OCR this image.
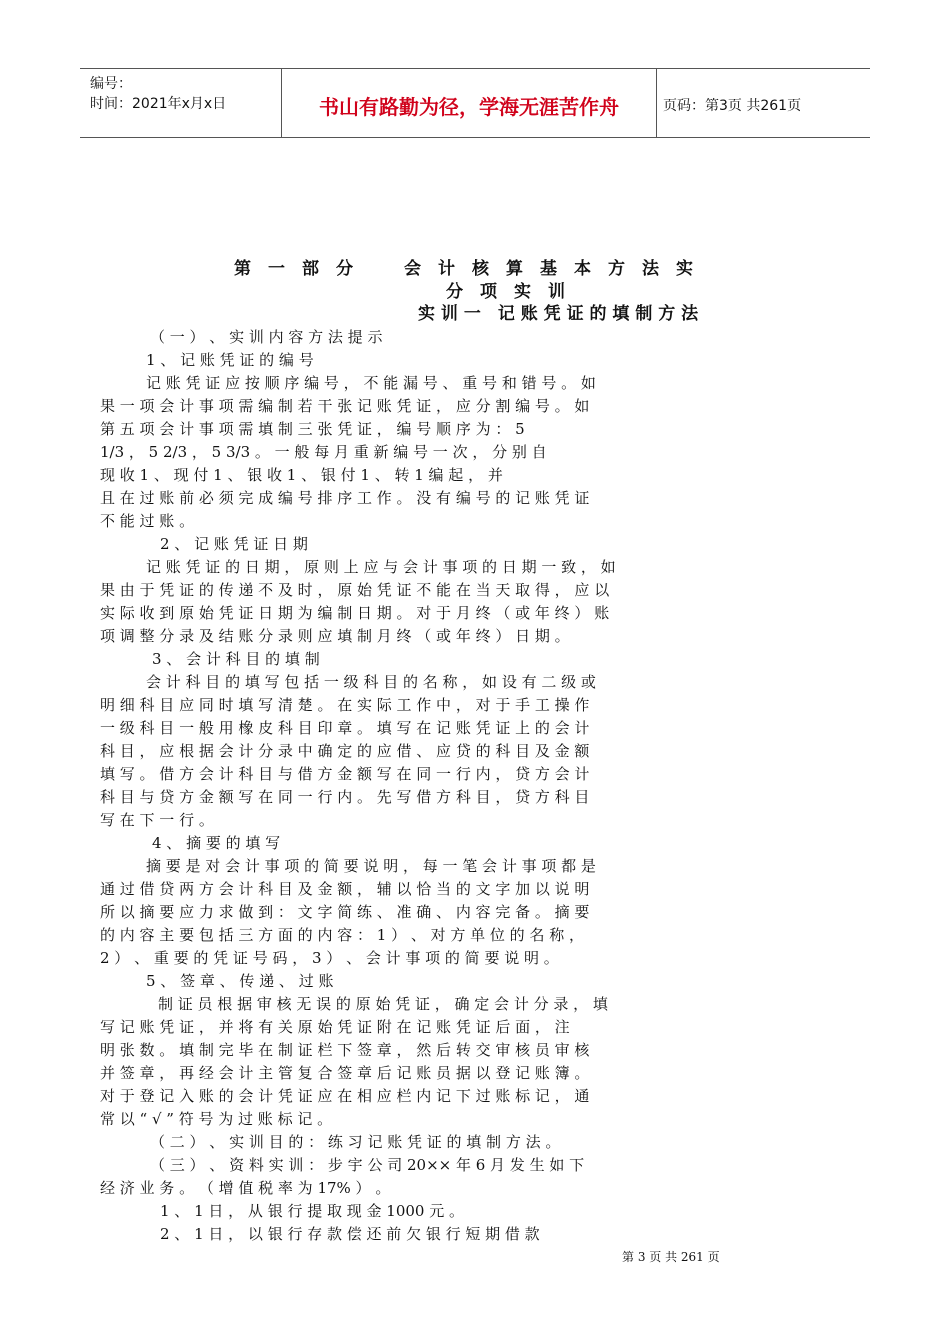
编号：
时间：2021年x月x日	书山有路勤为径，学海无涯苦作舟	页码：第3页 共261页
第　一　部　分　　　会　计　核　算　基　本　方　法　实
分　项　实　训
实 训 一　记 账 凭 证 的 填 制 方 法
（ 一 ） 、 实 训 内 容 方 法 提 示
1 、 记 账 凭 证 的 编 号
记 账 凭 证 应 按 顺 序 编 号 ， 不 能 漏 号 、 重 号 和 错 号 。 如
果 一 项 会 计 事 项 需 编 制 若 干 张 记 账 凭 证 ， 应 分 割 编 号 。 如
第 五 项 会 计 事 项 需 填 制 三 张 凭 证 ， 编 号 顺 序 为 ： 5
1/3 ， 5 2/3 ， 5 3/3 。 一 般 每 月 重 新 编 号 一 次 ， 分 别 自
现 收 1 、 现 付 1 、 银 收 1 、 银 付 1 、 转 1 编 起 ， 并
且 在 过 账 前 必 须 完 成 编 号 排 序 工 作 。 没 有 编 号 的 记 账 凭 证
不 能 过 账 。
2 、 记 账 凭 证 日 期
记 账 凭 证 的 日 期 ， 原 则 上 应 与 会 计 事 项 的 日 期 一 致 ， 如
果 由 于 凭 证 的 传 递 不 及 时 ， 原 始 凭 证 不 能 在 当 天 取 得 ， 应 以
实 际 收 到 原 始 凭 证 日 期 为 编 制 日 期 。 对 于 月 终 （ 或 年 终 ） 账
项 调 整 分 录 及 结 账 分 录 则 应 填 制 月 终 （ 或 年 终 ） 日 期 。
3 、 会 计 科 目 的 填 制
会 计 科 目 的 填 写 包 括 一 级 科 目 的 名 称 ， 如 设 有 二 级 或
明 细 科 目 应 同 时 填 写 清 楚 。 在 实 际 工 作 中 ， 对 于 手 工 操 作
一 级 科 目 一 般 用 橡 皮 科 目 印 章 。 填 写 在 记 账 凭 证 上 的 会 计
科 目 ， 应 根 据 会 计 分 录 中 确 定 的 应 借 、 应 贷 的 科 目 及 金 额
填 写 。 借 方 会 计 科 目 与 借 方 金 额 写 在 同 一 行 内 ， 贷 方 会 计
科 目 与 贷 方 金 额 写 在 同 一 行 内 。 先 写 借 方 科 目 ， 贷 方 科 目
写 在 下 一 行 。
4 、 摘 要 的 填 写
摘 要 是 对 会 计 事 项 的 简 要 说 明 ， 每 一 笔 会 计 事 项 都 是
通 过 借 贷 两 方 会 计 科 目 及 金 额 ， 辅 以 恰 当 的 文 字 加 以 说 明
所 以 摘 要 应 力 求 做 到 ： 文 字 简 练 、 准 确 、 内 容 完 备 。 摘 要
的 内 容 主 要 包 括 三 方 面 的 内 容 ： 1 ） 、 对 方 单 位 的 名 称 ，
2 ） 、 重 要 的 凭 证 号 码 ， 3 ） 、 会 计 事 项 的 简 要 说 明 。
5 、 签 章 、 传 递 、 过 账
制 证 员 根 据 审 核 无 误 的 原 始 凭 证 ， 确 定 会 计 分 录 ， 填
写 记 账 凭 证 ， 并 将 有 关 原 始 凭 证 附 在 记 账 凭 证 后 面 ， 注
明 张 数 。 填 制 完 毕 在 制 证 栏 下 签 章 ， 然 后 转 交 审 核 员 审 核
并 签 章 ， 再 经 会 计 主 管 复 合 签 章 后 记 账 员 据 以 登 记 账 簿 。
对 于 登 记 入 账 的 会 计 凭 证 应 在 相 应 栏 内 记 下 过 账 标 记 ， 通
常 以 “ √ ” 符 号 为 过 账 标 记 。
（ 二 ） 、 实 训 目 的 ： 练 习 记 账 凭 证 的 填 制 方 法 。
（ 三 ） 、 资 料 实 训 ： 步 宇 公 司 20×× 年 6 月 发 生 如 下
经 济 业 务 。 （ 增 值 税 率 为 17% ） 。
1 、 1 日 ， 从 银 行 提 取 现 金 1000 元 。
2 、 1 日 ， 以 银 行 存 款 偿 还 前 欠 银 行 短 期 借 款
第 3 页 共 261 页
